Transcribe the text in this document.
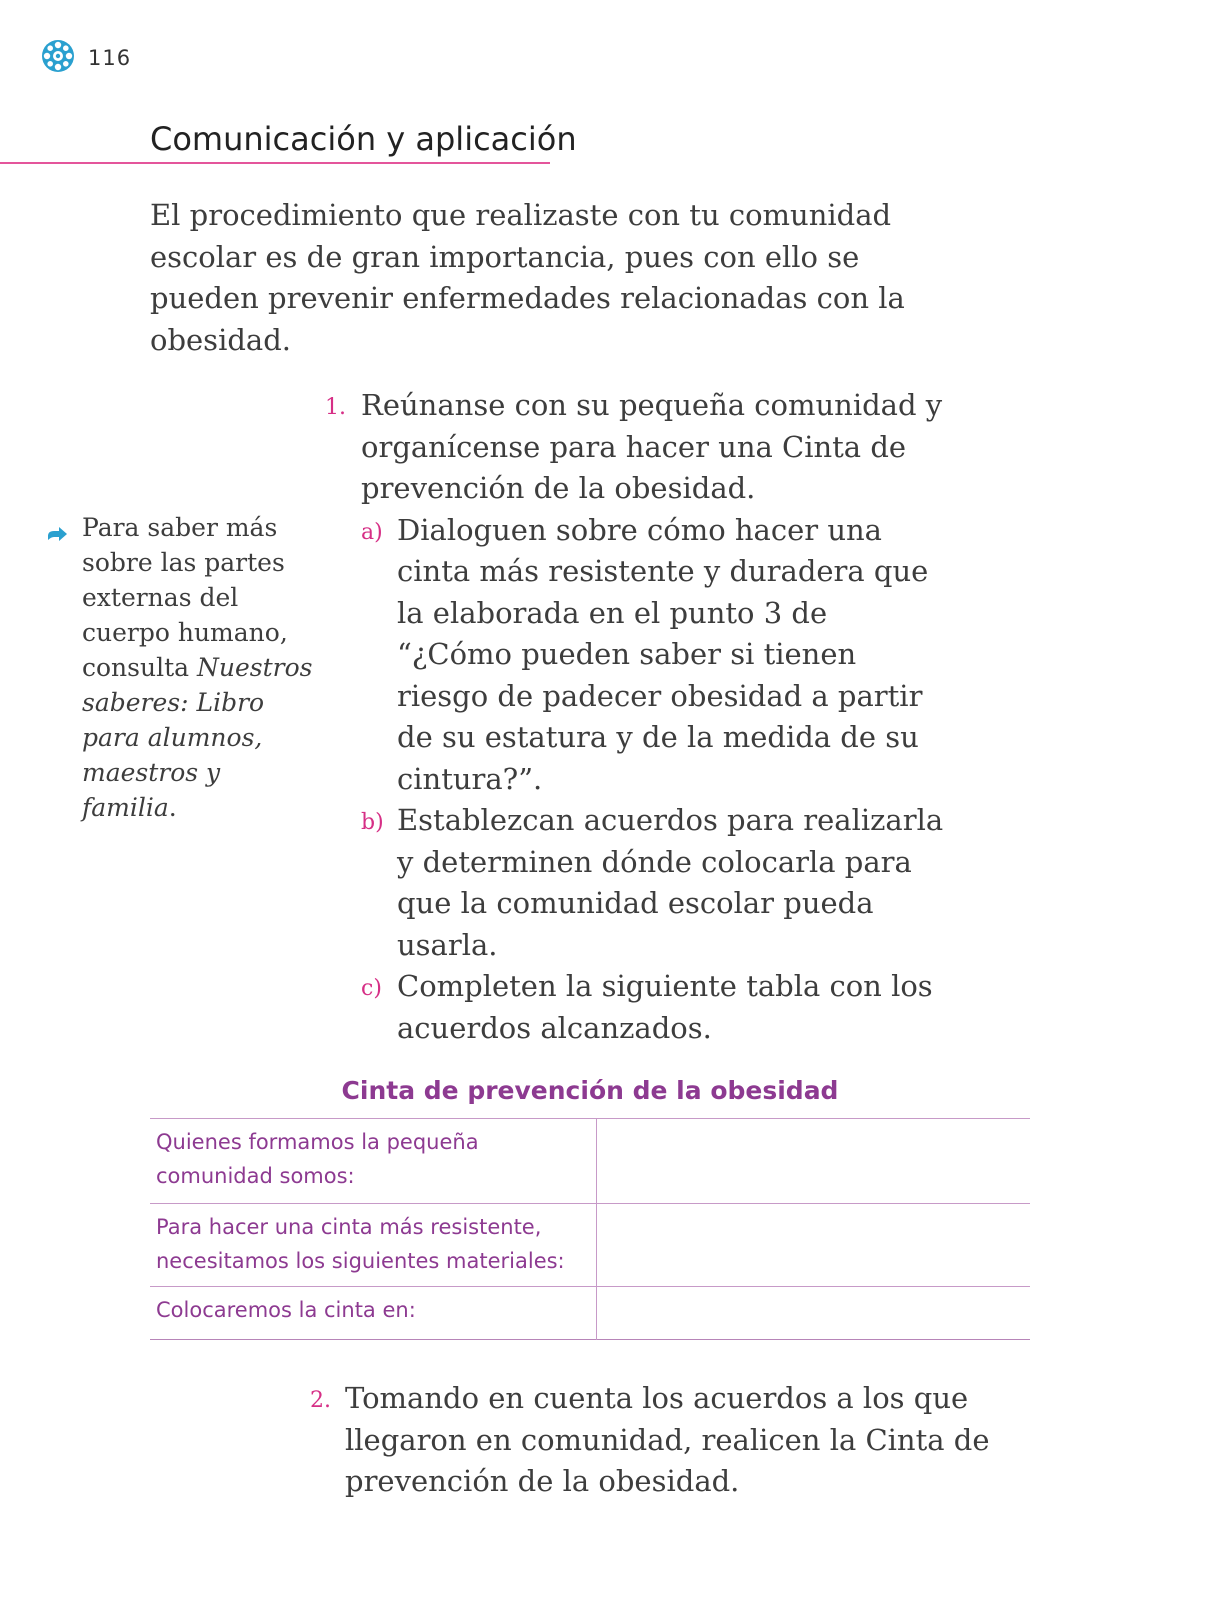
116
Comunicación y aplicación

El procedimiento que realizaste con tu comunidad escolar es de gran importancia, pues con ello se pueden prevenir enfermedades relacionadas con la obesidad.

1. Reúnanse con su pequeña comunidad y organícense para hacer una Cinta de prevención de la obesidad.
a) Dialoguen sobre cómo hacer una cinta más resistente y duradera que la elaborada en el punto 3 de “¿Cómo pueden saber si tienen riesgo de padecer obesidad a partir de su estatura y de la medida de su cintura?”.
b) Establezcan acuerdos para realizarla y determinen dónde colocarla para que la comunidad escolar pueda usarla.
c) Completen la siguiente tabla con los acuerdos alcanzados.
Para saber más sobre las partes externas del cuerpo humano, consulta Nuestros saberes: Libro para alumnos, maestros y familia.
Cinta de prevención de la obesidad
Quienes formamos la pequeña comunidad somos:	
Para hacer una cinta más resistente, necesitamos los siguientes materiales:	
Colocaremos la cinta en:	
2. Tomando en cuenta los acuerdos a los que llegaron en comunidad, realicen la Cinta de prevención de la obesidad.
